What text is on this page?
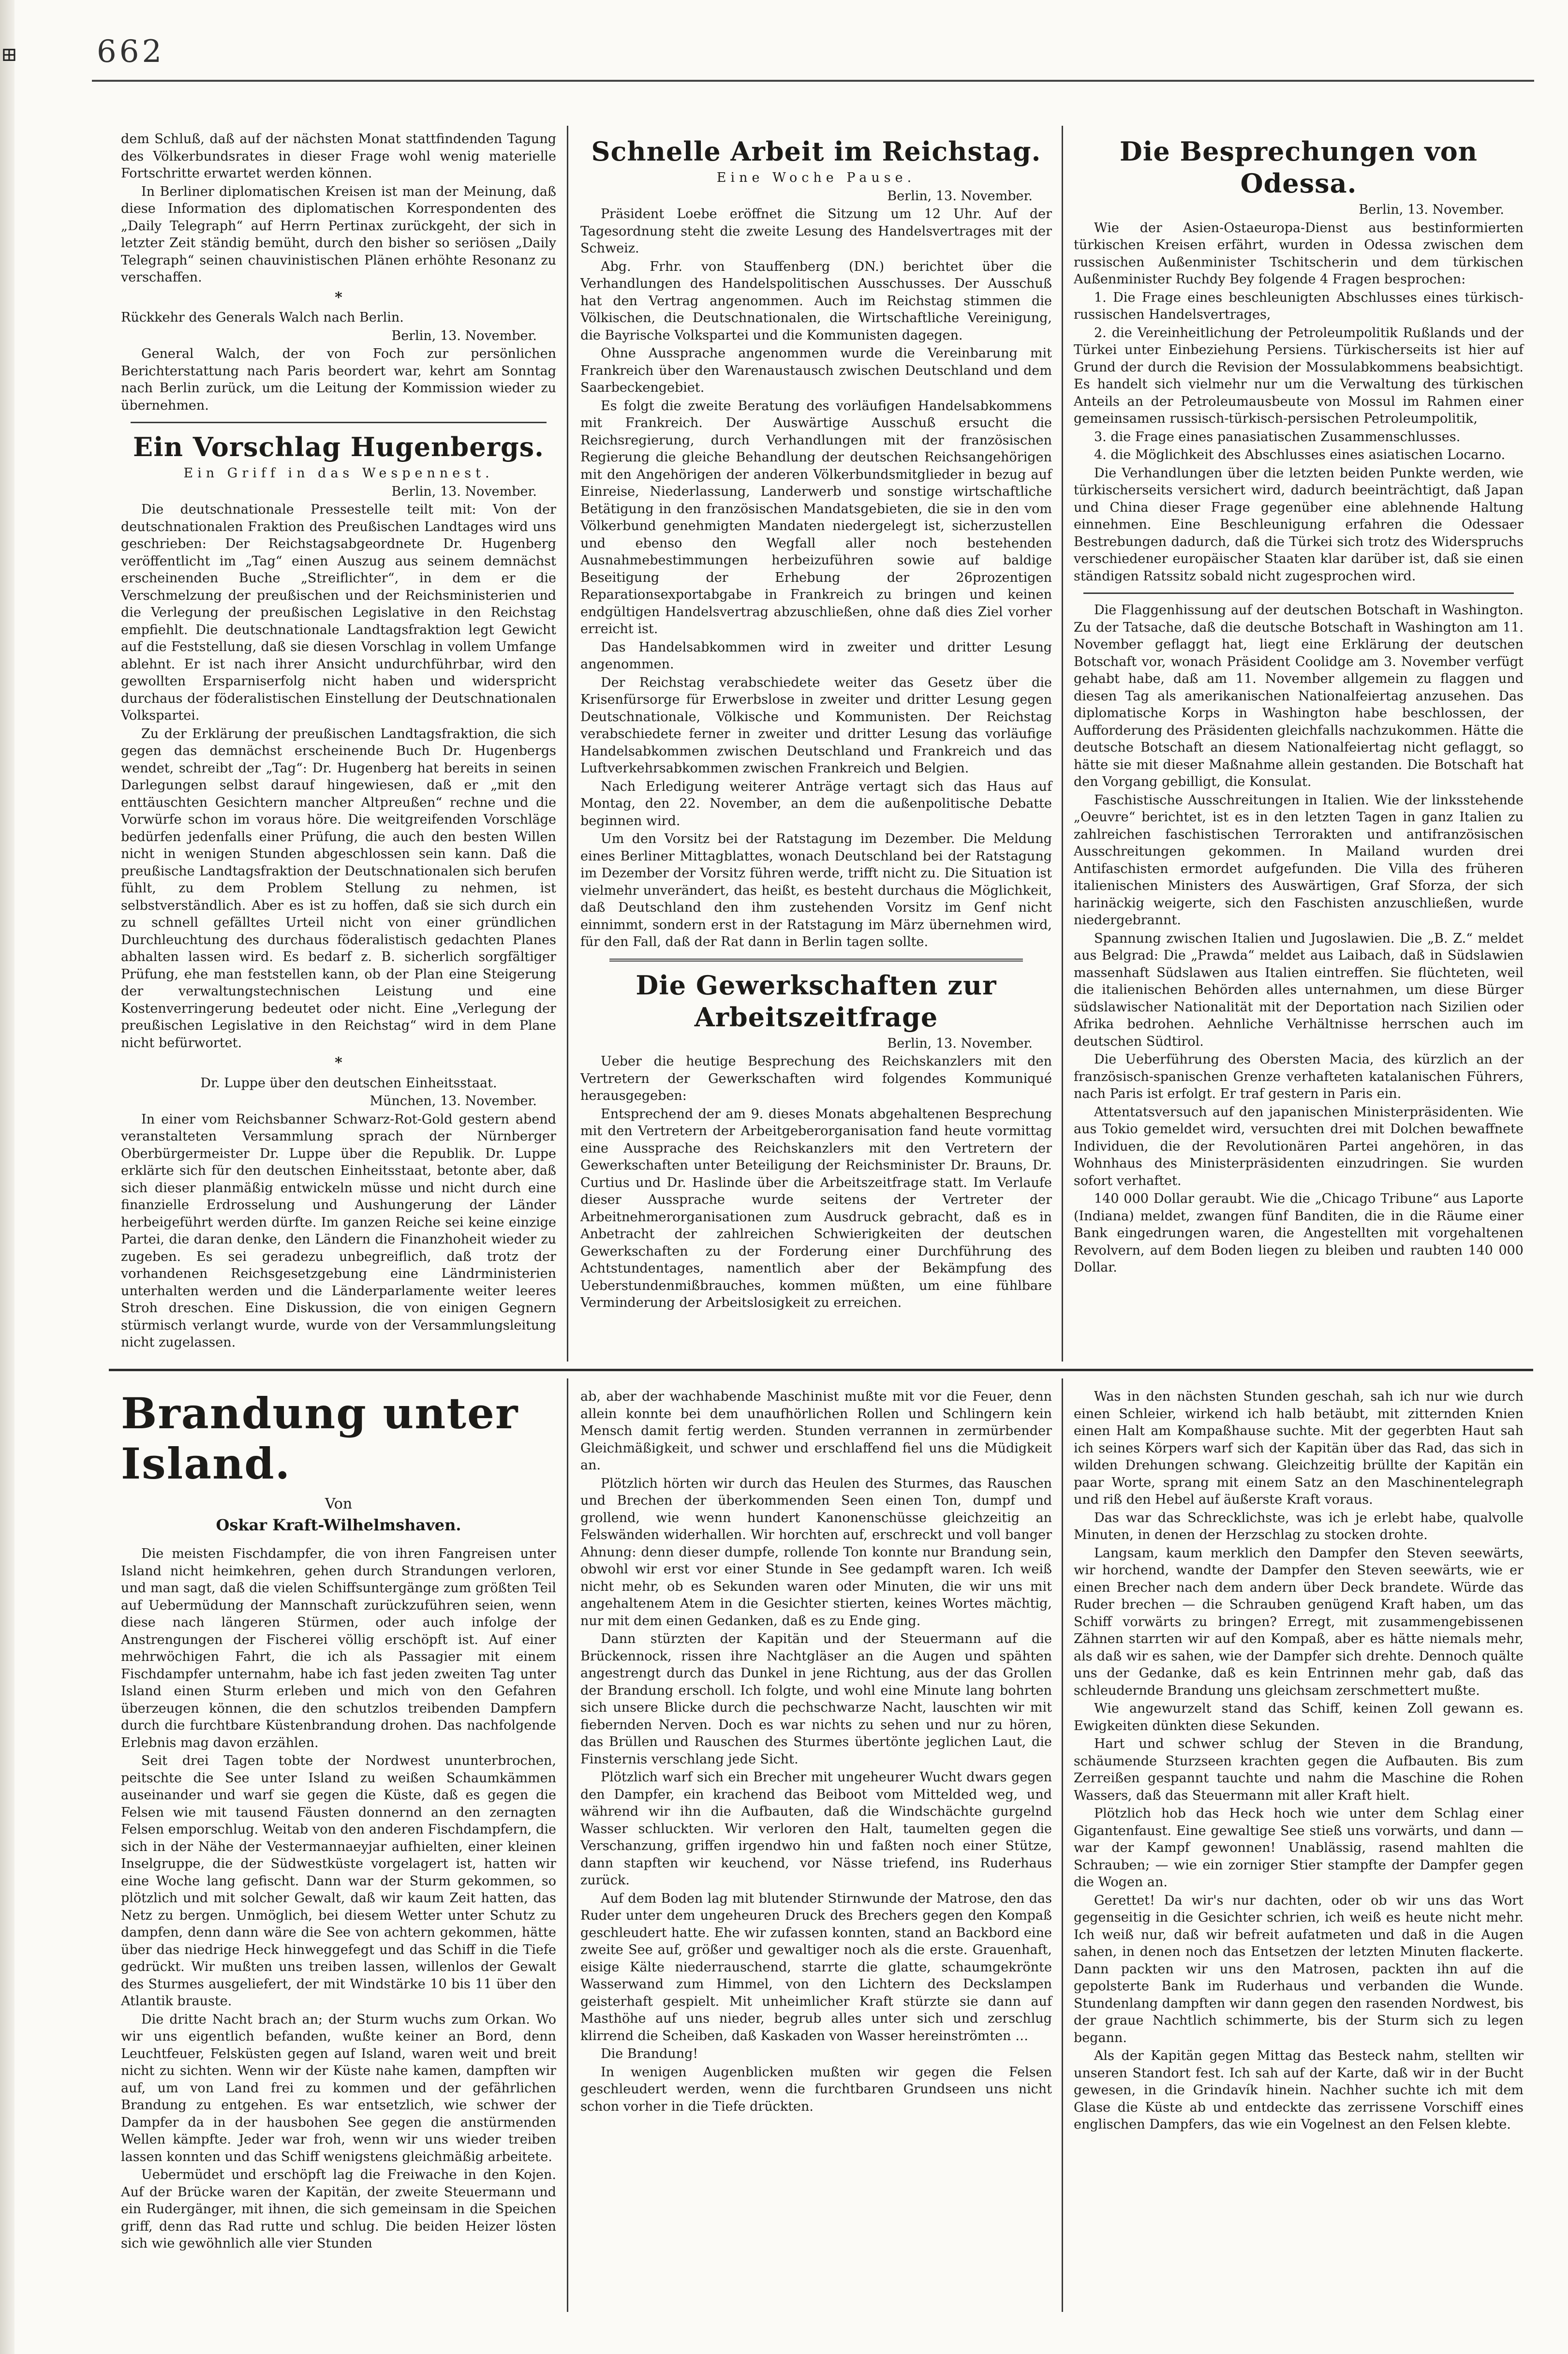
⊞	662

dem Schluß, daß auf der nächsten Monat stattfindenden Tagung des Völkerbundsrates in dieser Frage wohl wenig materielle Fortschritte erwartet werden können.

In Berliner diplomatischen Kreisen ist man der Meinung, daß diese Information des diplomatischen Korrespondenten des „Daily Telegraph“ auf Herrn Pertinax zurückgeht, der sich in letzter Zeit ständig bemüht, durch den bisher so seriösen „Daily Telegraph“ seinen chauvinistischen Plänen erhöhte Resonanz zu verschaffen.

*

Rückkehr des Generals Walch nach Berlin.

Berlin, 13. November.

General Walch, der von Foch zur persönlichen Berichterstattung nach Paris beordert war, kehrt am Sonntag nach Berlin zurück, um die Leitung der Kommission wieder zu übernehmen.

Ein Vorschlag Hugenbergs.
Ein Griff in das Wespennest.

Berlin, 13. November.

Die deutschnationale Pressestelle teilt mit: Von der deutschnationalen Fraktion des Preußischen Landtages wird uns geschrieben: Der Reichstagsabgeordnete Dr. Hugenberg veröffentlicht im „Tag“ einen Auszug aus seinem demnächst erscheinenden Buche „Streiflichter“, in dem er die Verschmelzung der preußischen und der Reichsministerien und die Verlegung der preußischen Legislative in den Reichstag empfiehlt. Die deutschnationale Landtagsfraktion legt Gewicht auf die Feststellung, daß sie diesen Vorschlag in vollem Umfange ablehnt. Er ist nach ihrer Ansicht undurchführbar, wird den gewollten Ersparniserfolg nicht haben und widerspricht durchaus der föderalistischen Einstellung der Deutschnationalen Volkspartei.

Zu der Erklärung der preußischen Landtagsfraktion, die sich gegen das demnächst erscheinende Buch Dr. Hugenbergs wendet, schreibt der „Tag“: Dr. Hugenberg hat bereits in seinen Darlegungen selbst darauf hingewiesen, daß er „mit den enttäuschten Gesichtern mancher Altpreußen“ rechne und die Vorwürfe schon im voraus höre. Die weitgreifenden Vorschläge bedürfen jedenfalls einer Prüfung, die auch den besten Willen nicht in wenigen Stunden abgeschlossen sein kann. Daß die preußische Landtagsfraktion der Deutschnationalen sich berufen fühlt, zu dem Problem Stellung zu nehmen, ist selbstverständlich. Aber es ist zu hoffen, daß sie sich durch ein zu schnell gefälltes Urteil nicht von einer gründlichen Durchleuchtung des durchaus föderalistisch gedachten Planes abhalten lassen wird. Es bedarf z. B. sicherlich sorgfältiger Prüfung, ehe man feststellen kann, ob der Plan eine Steigerung der verwaltungstechnischen Leistung und eine Kostenverringerung bedeutet oder nicht. Eine „Verlegung der preußischen Legislative in den Reichstag“ wird in dem Plane nicht befürwortet.

*

Dr. Luppe über den deutschen Einheitsstaat.

München, 13. November.

In einer vom Reichsbanner Schwarz-Rot-Gold gestern abend veranstalteten Versammlung sprach der Nürnberger Oberbürgermeister Dr. Luppe über die Republik. Dr. Luppe erklärte sich für den deutschen Einheitsstaat, betonte aber, daß sich dieser planmäßig entwickeln müsse und nicht durch eine finanzielle Erdrosselung und Aushungerung der Länder herbeigeführt werden dürfte. Im ganzen Reiche sei keine einzige Partei, die daran denke, den Ländern die Finanzhoheit wieder zu zugeben. Es sei geradezu unbegreiflich, daß trotz der vorhandenen Reichsgesetzgebung eine Ländrministerien unterhalten werden und die Länderparlamente weiter leeres Stroh dreschen. Eine Diskussion, die von einigen Gegnern stürmisch verlangt wurde, wurde von der Versammlungsleitung nicht zugelassen.

Schnelle Arbeit im Reichstag.
Eine Woche Pause.

Berlin, 13. November.

Präsident Loebe eröffnet die Sitzung um 12 Uhr. Auf der Tagesordnung steht die zweite Lesung des Handelsvertrages mit der Schweiz.

Abg. Frhr. von Stauffenberg (DN.) berichtet über die Verhandlungen des Handelspolitischen Ausschusses. Der Ausschuß hat den Vertrag angenommen. Auch im Reichstag stimmen die Völkischen, die Deutschnationalen, die Wirtschaftliche Vereinigung, die Bayrische Volkspartei und die Kommunisten dagegen.

Ohne Aussprache angenommen wurde die Vereinbarung mit Frankreich über den Warenaustausch zwischen Deutschland und dem Saarbeckengebiet.

Es folgt die zweite Beratung des vorläufigen Handelsabkommens mit Frankreich. Der Auswärtige Ausschuß ersucht die Reichsregierung, durch Verhandlungen mit der französischen Regierung die gleiche Behandlung der deutschen Reichsangehörigen mit den Angehörigen der anderen Völkerbundsmitglieder in bezug auf Einreise, Niederlassung, Landerwerb und sonstige wirtschaftliche Betätigung in den französischen Mandatsgebieten, die sie in den vom Völkerbund genehmigten Mandaten niedergelegt ist, sicherzustellen und ebenso den Wegfall aller noch bestehenden Ausnahmebestimmungen herbeizuführen sowie auf baldige Beseitigung der Erhebung der 26prozentigen Reparationsexportabgabe in Frankreich zu bringen und keinen endgültigen Handelsvertrag abzuschließen, ohne daß dies Ziel vorher erreicht ist.

Das Handelsabkommen wird in zweiter und dritter Lesung angenommen.

Der Reichstag verabschiedete weiter das Gesetz über die Krisenfürsorge für Erwerbslose in zweiter und dritter Lesung gegen Deutschnationale, Völkische und Kommunisten. Der Reichstag verabschiedete ferner in zweiter und dritter Lesung das vorläufige Handelsabkommen zwischen Deutschland und Frankreich und das Luftverkehrsabkommen zwischen Frankreich und Belgien.

Nach Erledigung weiterer Anträge vertagt sich das Haus auf Montag, den 22. November, an dem die außenpolitische Debatte beginnen wird.

Um den Vorsitz bei der Ratstagung im Dezember. Die Meldung eines Berliner Mittagblattes, wonach Deutschland bei der Ratstagung im Dezember der Vorsitz führen werde, trifft nicht zu. Die Situation ist vielmehr unverändert, das heißt, es besteht durchaus die Möglichkeit, daß Deutschland den ihm zustehenden Vorsitz im Genf nicht einnimmt, sondern erst in der Ratstagung im März übernehmen wird, für den Fall, daß der Rat dann in Berlin tagen sollte.

Die Gewerkschaften zur Arbeitszeitfrage

Berlin, 13. November.

Ueber die heutige Besprechung des Reichskanzlers mit den Vertretern der Gewerkschaften wird folgendes Kommuniqué herausgegeben:

Entsprechend der am 9. dieses Monats abgehaltenen Besprechung mit den Vertretern der Arbeitgeberorganisation fand heute vormittag eine Aussprache des Reichskanzlers mit den Vertretern der Gewerkschaften unter Beteiligung der Reichsminister Dr. Brauns, Dr. Curtius und Dr. Haslinde über die Arbeitszeitfrage statt. Im Verlaufe dieser Aussprache wurde seitens der Vertreter der Arbeitnehmerorganisationen zum Ausdruck gebracht, daß es in Anbetracht der zahlreichen Schwierigkeiten der deutschen Gewerkschaften zu der Forderung einer Durchführung des Achtstundentages, namentlich aber der Bekämpfung des Ueberstundenmißbrauches, kommen müßten, um eine fühlbare Verminderung der Arbeitslosigkeit zu erreichen.

Die Besprechungen von Odessa.

Berlin, 13. November.

Wie der Asien-Ostaeuropa-Dienst aus bestinformierten türkischen Kreisen erfährt, wurden in Odessa zwischen dem russischen Außenminister Tschitscherin und dem türkischen Außenminister Ruchdy Bey folgende 4 Fragen besprochen:

1. Die Frage eines beschleunigten Abschlusses eines türkisch-russischen Handelsvertrages,

2. die Vereinheitlichung der Petroleumpolitik Rußlands und der Türkei unter Einbeziehung Persiens. Türkischerseits ist hier auf Grund der durch die Revision der Mossulabkommens beabsichtigt. Es handelt sich vielmehr nur um die Verwaltung des türkischen Anteils an der Petroleumausbeute von Mossul im Rahmen einer gemeinsamen russisch-türkisch-persischen Petroleumpolitik,

3. die Frage eines panasiatischen Zusammenschlusses.

4. die Möglichkeit des Abschlusses eines asiatischen Locarno.

Die Verhandlungen über die letzten beiden Punkte werden, wie türkischerseits versichert wird, dadurch beeinträchtigt, daß Japan und China dieser Frage gegenüber eine ablehnende Haltung einnehmen. Eine Beschleunigung erfahren die Odessaer Bestrebungen dadurch, daß die Türkei sich trotz des Widerspruchs verschiedener europäischer Staaten klar darüber ist, daß sie einen ständigen Ratssitz sobald nicht zugesprochen wird.

Die Flaggenhissung auf der deutschen Botschaft in Washington. Zu der Tatsache, daß die deutsche Botschaft in Washington am 11. November geflaggt hat, liegt eine Erklärung der deutschen Botschaft vor, wonach Präsident Coolidge am 3. November verfügt gehabt habe, daß am 11. November allgemein zu flaggen und diesen Tag als amerikanischen Nationalfeiertag anzusehen. Das diplomatische Korps in Washington habe beschlossen, der Aufforderung des Präsidenten gleichfalls nachzukommen. Hätte die deutsche Botschaft an diesem Nationalfeiertag nicht geflaggt, so hätte sie mit dieser Maßnahme allein gestanden. Die Botschaft hat den Vorgang gebilligt, die Konsulat.

Faschistische Ausschreitungen in Italien. Wie der linksstehende „Oeuvre“ berichtet, ist es in den letzten Tagen in ganz Italien zu zahlreichen faschistischen Terrorakten und antifranzösischen Ausschreitungen gekommen. In Mailand wurden drei Antifaschisten ermordet aufgefunden. Die Villa des früheren italienischen Ministers des Auswärtigen, Graf Sforza, der sich harinäckig weigerte, sich den Faschisten anzuschließen, wurde niedergebrannt.

Spannung zwischen Italien und Jugoslawien. Die „B. Z.“ meldet aus Belgrad: Die „Prawda“ meldet aus Laibach, daß in Südslawien massenhaft Südslawen aus Italien eintreffen. Sie flüchteten, weil die italienischen Behörden alles unternahmen, um diese Bürger südslawischer Nationalität mit der Deportation nach Sizilien oder Afrika bedrohen. Aehnliche Verhältnisse herrschen auch im deutschen Südtirol.

Die Ueberführung des Obersten Macia, des kürzlich an der französisch-spanischen Grenze verhafteten katalanischen Führers, nach Paris ist erfolgt. Er traf gestern in Paris ein.

Attentatsversuch auf den japanischen Ministerpräsidenten. Wie aus Tokio gemeldet wird, versuchten drei mit Dolchen bewaffnete Individuen, die der Revolutionären Partei angehören, in das Wohnhaus des Ministerpräsidenten einzudringen. Sie wurden sofort verhaftet.

140 000 Dollar geraubt. Wie die „Chicago Tribune“ aus Laporte (Indiana) meldet, zwangen fünf Banditen, die in die Räume einer Bank eingedrungen waren, die Angestellten mit vorgehaltenen Revolvern, auf dem Boden liegen zu bleiben und raubten 140 000 Dollar.

Brandung unter Island.
Von
Oskar Kraft-Wilhelmshaven.

Die meisten Fischdampfer, die von ihren Fangreisen unter Island nicht heimkehren, gehen durch Strandungen verloren, und man sagt, daß die vielen Schiffsuntergänge zum größten Teil auf Uebermüdung der Mannschaft zurückzuführen seien, wenn diese nach längeren Stürmen, oder auch infolge der Anstrengungen der Fischerei völlig erschöpft ist. Auf einer mehrwöchigen Fahrt, die ich als Passagier mit einem Fischdampfer unternahm, habe ich fast jeden zweiten Tag unter Island einen Sturm erleben und mich von den Gefahren überzeugen können, die den schutzlos treibenden Dampfern durch die furchtbare Küstenbrandung drohen. Das nachfolgende Erlebnis mag davon erzählen.

Seit drei Tagen tobte der Nordwest ununterbrochen, peitschte die See unter Island zu weißen Schaumkämmen auseinander und warf sie gegen die Küste, daß es gegen die Felsen wie mit tausend Fäusten donnernd an den zernagten Felsen emporschlug. Weitab von den anderen Fischdampfern, die sich in der Nähe der Vestermannaeyjar aufhielten, einer kleinen Inselgruppe, die der Südwestküste vorgelagert ist, hatten wir eine Woche lang gefischt. Dann war der Sturm gekommen, so plötzlich und mit solcher Gewalt, daß wir kaum Zeit hatten, das Netz zu bergen. Unmöglich, bei diesem Wetter unter Schutz zu dampfen, denn dann wäre die See von achtern gekommen, hätte über das niedrige Heck hinweggefegt und das Schiff in die Tiefe gedrückt. Wir mußten uns treiben lassen, willenlos der Gewalt des Sturmes ausgeliefert, der mit Windstärke 10 bis 11 über den Atlantik brauste.

Die dritte Nacht brach an; der Sturm wuchs zum Orkan. Wo wir uns eigentlich befanden, wußte keiner an Bord, denn Leuchtfeuer, Felsküsten gegen auf Island, waren weit und breit nicht zu sichten. Wenn wir der Küste nahe kamen, dampften wir auf, um von Land frei zu kommen und der gefährlichen Brandung zu entgehen. Es war entsetzlich, wie schwer der Dampfer da in der hausbohen See gegen die anstürmenden Wellen kämpfte. Jeder war froh, wenn wir uns wieder treiben lassen konnten und das Schiff wenigstens gleichmäßig arbeitete.

Uebermüdet und erschöpft lag die Freiwache in den Kojen. Auf der Brücke waren der Kapitän, der zweite Steuermann und ein Rudergänger, mit ihnen, die sich gemeinsam in die Speichen griff, denn das Rad rutte und schlug. Die beiden Heizer lösten sich wie gewöhnlich alle vier Stunden

ab, aber der wachhabende Maschinist mußte mit vor die Feuer, denn allein konnte bei dem unaufhörlichen Rollen und Schlingern kein Mensch damit fertig werden. Stunden verrannen in zermürbender Gleichmäßigkeit, und schwer und erschlaffend fiel uns die Müdigkeit an.

Plötzlich hörten wir durch das Heulen des Sturmes, das Rauschen und Brechen der überkommenden Seen einen Ton, dumpf und grollend, wie wenn hundert Kanonenschüsse gleichzeitig an Felswänden widerhallen. Wir horchten auf, erschreckt und voll banger Ahnung: denn dieser dumpfe, rollende Ton konnte nur Brandung sein, obwohl wir erst vor einer Stunde in See gedampft waren. Ich weiß nicht mehr, ob es Sekunden waren oder Minuten, die wir uns mit angehaltenem Atem in die Gesichter stierten, keines Wortes mächtig, nur mit dem einen Gedanken, daß es zu Ende ging.

Dann stürzten der Kapitän und der Steuermann auf die Brückennock, rissen ihre Nachtgläser an die Augen und spähten angestrengt durch das Dunkel in jene Richtung, aus der das Grollen der Brandung erscholl. Ich folgte, und wohl eine Minute lang bohrten sich unsere Blicke durch die pechschwarze Nacht, lauschten wir mit fiebernden Nerven. Doch es war nichts zu sehen und nur zu hören, das Brüllen und Rauschen des Sturmes übertönte jeglichen Laut, die Finsternis verschlang jede Sicht.

Plötzlich warf sich ein Brecher mit ungeheurer Wucht dwars gegen den Dampfer, ein krachend das Beiboot vom Mittelded weg, und während wir ihn die Aufbauten, daß die Windschächte gurgelnd Wasser schluckten. Wir verloren den Halt, taumelten gegen die Verschanzung, griffen irgendwo hin und faßten noch einer Stütze, dann stapften wir keuchend, vor Nässe triefend, ins Ruderhaus zurück.

Auf dem Boden lag mit blutender Stirnwunde der Matrose, den das Ruder unter dem ungeheuren Druck des Brechers gegen den Kompaß geschleudert hatte. Ehe wir zufassen konnten, stand an Backbord eine zweite See auf, größer und gewaltiger noch als die erste. Grauenhaft, eisige Kälte niederrauschend, starrte die glatte, schaumgekrönte Wasserwand zum Himmel, von den Lichtern des Deckslampen geisterhaft gespielt. Mit unheimlicher Kraft stürzte sie dann auf Masthöhe auf uns nieder, begrub alles unter sich und zerschlug klirrend die Scheiben, daß Kaskaden von Wasser hereinströmten …

Die Brandung!

In wenigen Augenblicken mußten wir gegen die Felsen geschleudert werden, wenn die furchtbaren Grundseen uns nicht schon vorher in die Tiefe drückten.

Was in den nächsten Stunden geschah, sah ich nur wie durch einen Schleier, wirkend ich halb betäubt, mit zitternden Knien einen Halt am Kompaßhause suchte. Mit der gegerbten Haut sah ich seines Körpers warf sich der Kapitän über das Rad, das sich in wilden Drehungen schwang. Gleichzeitig brüllte der Kapitän ein paar Worte, sprang mit einem Satz an den Maschinentelegraph und riß den Hebel auf äußerste Kraft voraus.

Das war das Schrecklichste, was ich je erlebt habe, qualvolle Minuten, in denen der Herzschlag zu stocken drohte.

Langsam, kaum merklich den Dampfer den Steven seewärts, wir horchend, wandte der Dampfer den Steven seewärts, wie er einen Brecher nach dem andern über Deck brandete. Würde das Ruder brechen — die Schrauben genügend Kraft haben, um das Schiff vorwärts zu bringen? Erregt, mit zusammengebissenen Zähnen starrten wir auf den Kompaß, aber es hätte niemals mehr, als daß wir es sahen, wie der Dampfer sich drehte. Dennoch quälte uns der Gedanke, daß es kein Entrinnen mehr gab, daß das schleudernde Brandung uns gleichsam zerschmettert mußte.

Wie angewurzelt stand das Schiff, keinen Zoll gewann es. Ewigkeiten dünkten diese Sekunden.

Hart und schwer schlug der Steven in die Brandung, schäumende Sturzseen krachten gegen die Aufbauten. Bis zum Zerreißen gespannt tauchte und nahm die Maschine die Rohen Wassers, daß das Steuermann mit aller Kraft hielt.

Plötzlich hob das Heck hoch wie unter dem Schlag einer Gigantenfaust. Eine gewaltige See stieß uns vorwärts, und dann — war der Kampf gewonnen! Unablässig, rasend mahlten die Schrauben; — wie ein zorniger Stier stampfte der Dampfer gegen die Wogen an.

Gerettet! Da wir's nur dachten, oder ob wir uns das Wort gegenseitig in die Gesichter schrien, ich weiß es heute nicht mehr. Ich weiß nur, daß wir befreit aufatmeten und daß in die Augen sahen, in denen noch das Entsetzen der letzten Minuten flackerte. Dann packten wir uns den Matrosen, packten ihn auf die gepolsterte Bank im Ruderhaus und verbanden die Wunde. Stundenlang dampften wir dann gegen den rasenden Nordwest, bis der graue Nachtlich schimmerte, bis der Sturm sich zu legen begann.

Als der Kapitän gegen Mittag das Besteck nahm, stellten wir unseren Standort fest. Ich sah auf der Karte, daß wir in der Bucht gewesen, in die Grindavík hinein. Nachher suchte ich mit dem Glase die Küste ab und entdeckte das zerrissene Vorschiff eines englischen Dampfers, das wie ein Vogelnest an den Felsen klebte.
